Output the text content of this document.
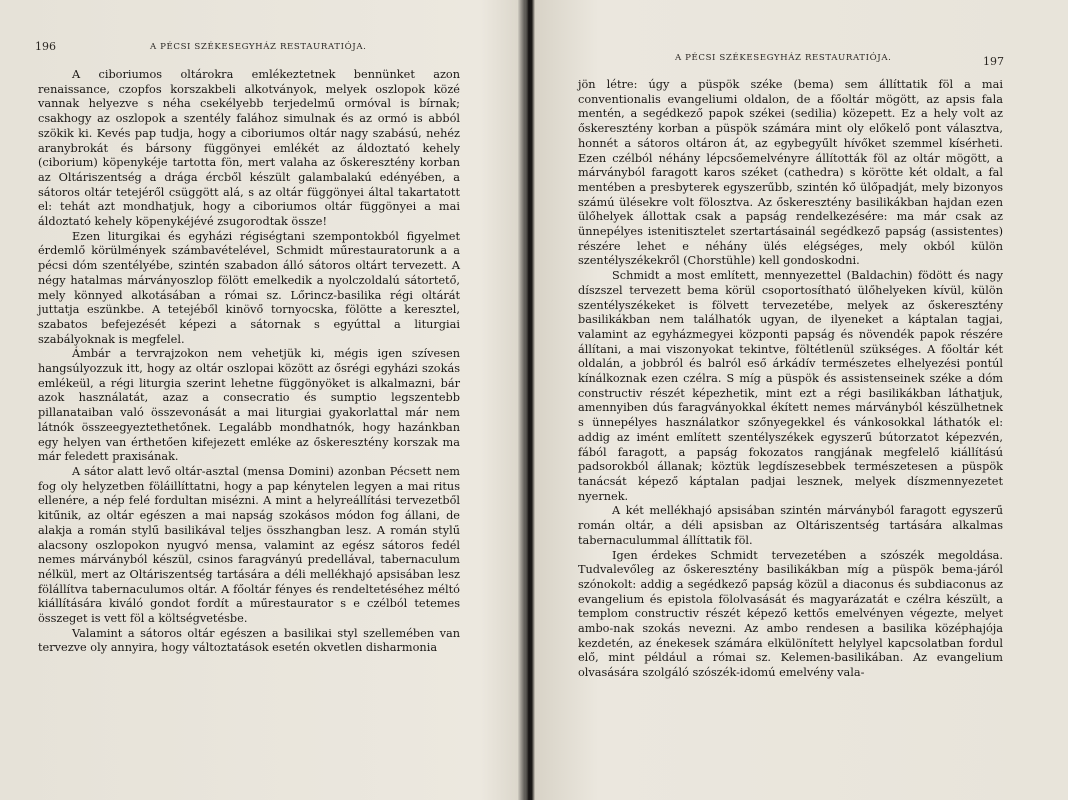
196	A PÉCSI SZÉKESEGYHÁZ RESTAURATIÓJA.

A ciboriumos oltárokra emlékeztetnek bennünket azon renaissance, czopfos korszakbeli alkotványok, melyek oszlopok közé vannak helyezve s néha csekélyebb terjedelmű ormóval is bírnak; csakhogy az oszlopok a szentély falához simulnak és az ormó is abból szökik ki. Kevés pap tudja, hogy a ciboriumos oltár nagy szabású, nehéz aranybrokát és bársony függönyei emlékét az áldoztató kehely (ciborium) köpenykéje tartotta fön, mert valaha az őskeresztény korban az Oltáriszentség a drága ércből készült galambalakú edényében, a sátoros oltár tetejéről csüggött alá, s az oltár függönyei által takartatott el: tehát azt mondhatjuk, hogy a ciboriumos oltár függönyei a mai áldoztató kehely köpenykéjévé zsugorodtak össze!

Ezen liturgikai és egyházi régiségtani szempontokból figyelmet érdemlő körülmények számbavételével, Schmidt műrestauratorunk a a pécsi dóm szentélyébe, szintén szabadon álló sátoros oltárt tervezett. A négy hatalmas márványoszlop fölött emelkedik a nyolczoldalú sátortető, mely könnyed alkotásában a római sz. Lőrincz-basilika régi oltárát juttatja eszünkbe. A tetejéből kinövő tornyocska, fölötte a keresztel, szabatos befejezését képezi a sátornak s egyúttal a liturgiai szabályoknak is megfelel.

Ámbár a tervrajzokon nem vehetjük ki, mégis igen szívesen hangsúlyozzuk itt, hogy az oltár oszlopai között az ősrégi egyházi szokás emlékeül, a régi liturgia szerint lehetne függönyöket is alkalmazni, bár azok használatát, azaz a consecratio és sumptio legszentebb pillanataiban való összevonását a mai liturgiai gyakorlattal már nem látnók összeegyeztethetőnek. Legalább mondhatnók, hogy hazánkban egy helyen van érthetően kifejezett emléke az őskeresztény korszak ma már feledett praxisának.

A sátor alatt levő oltár-asztal (mensa Domini) azonban Pécsett nem fog oly helyzetben föláillíttatni, hogy a pap kénytelen legyen a mai ritus ellenére, a nép felé fordultan misézni. A mint a helyreállítási tervezetből kitűnik, az oltár egészen a mai napság szokásos módon fog állani, de alakja a román stylű basilikával teljes összhangban lesz. A román stylű alacsony oszlopokon nyugvó mensa, valamint az egész sátoros fedél nemes márványból készül, csinos faragványú predellával, tabernaculum nélkül, mert az Oltáriszentség tartására a déli mellékhajó apsisában lesz fölállítva tabernaculumos oltár. A főoltár fényes és rendeltetéséhez méltó kiállítására kiváló gondot fordít a műrestaurator s e czélból tetemes összeget is vett föl a költségvetésbe.

Valamint a sátoros oltár egészen a basilikai styl szellemében van tervezve oly annyira, hogy változtatások esetén okvetlen disharmonia

A PÉCSI SZÉKESEGYHÁZ RESTAURATIÓJA.	197

jön létre: úgy a püspök széke (bema) sem állíttatik föl a mai conventionalis evangeliumi oldalon, de a főoltár mögött, az apsis fala mentén, a segédkező papok székei (sedilia) közepett. Ez a hely volt az őskeresztény korban a püspök számára mint oly előkelő pont választva, honnét a sátoros oltáron át, az egybegyűlt hívőket szemmel kísérheti. Ezen czélból néhány lépcsőemelvényre állították föl az oltár mögött, a márványból faragott karos széket (cathedra) s körötte két oldalt, a fal mentében a presbyterek egyszerűbb, szintén kő ülőpadját, mely bizonyos számú ülésekre volt fölosztva. Az őskeresztény basilikákban hajdan ezen ülőhelyek állottak csak a papság rendelkezésére: ma már csak az ünnepélyes istenitisztelet szertartásainál segédkező papság (assistentes) részére lehet e néhány ülés elégséges, mely okból külön szentélyszékekről (Chorstühle) kell gondoskodni.

Schmidt a most említett, mennyezettel (Baldachin) födött és nagy díszszel tervezett bema körül csoportosítható ülőhelyeken kívül, külön szentélyszékeket is fölvett tervezetébe, melyek az őskeresztény basilikákban nem találhatók ugyan, de ilyeneket a káptalan tagjai, valamint az egyházmegyei központi papság és növendék papok részére állítani, a mai viszonyokat tekintve, föltétlenül szükséges. A főoltár két oldalán, a jobbról és balról eső árkádív természetes elhelyezési pontúl kínálkoznak ezen czélra. S míg a püspök és assistenseinek széke a dóm constructiv részét képezhetik, mint ezt a régi basilikákban láthatjuk, amennyiben dús faragványokkal ékített nemes márványból készülhetnek s ünnepélyes használatkor szőnyegekkel és vánkosokkal láthatók el: addig az imént említett szentélyszékek egyszerű bútorzatot képezvén, fából faragott, a papság fokozatos rangjának megfelelő kiállítású padsorokból állanak; köztük legdíszesebbek természetesen a püspök tanácsát képező káptalan padjai lesznek, melyek díszmennyezetet nyernek.

A két mellékhajó apsisában szintén márványból faragott egyszerű román oltár, a déli apsisban az Oltáriszentség tartására alkalmas tabernaculummal állíttatik föl.

Igen érdekes Schmidt tervezetében a szószék megoldása. Tudvalevőleg az őskeresztény basilikákban míg a püspök bema-járól szónokolt: addig a segédkező papság közül a diaconus és subdiaconus az evangelium és epistola fölolvasását és magyarázatát e czélra készült, a templom constructiv részét képező kettős emelvényen végezte, melyet ambo-nak szokás nevezni. Az ambo rendesen a basilika középhajója kezdetén, az énekesek számára elkülönített helylyel kapcsolatban fordul elő, mint például a római sz. Kelemen-basilikában. Az evangelium olvasására szolgáló szószék-idomú emelvény vala-
